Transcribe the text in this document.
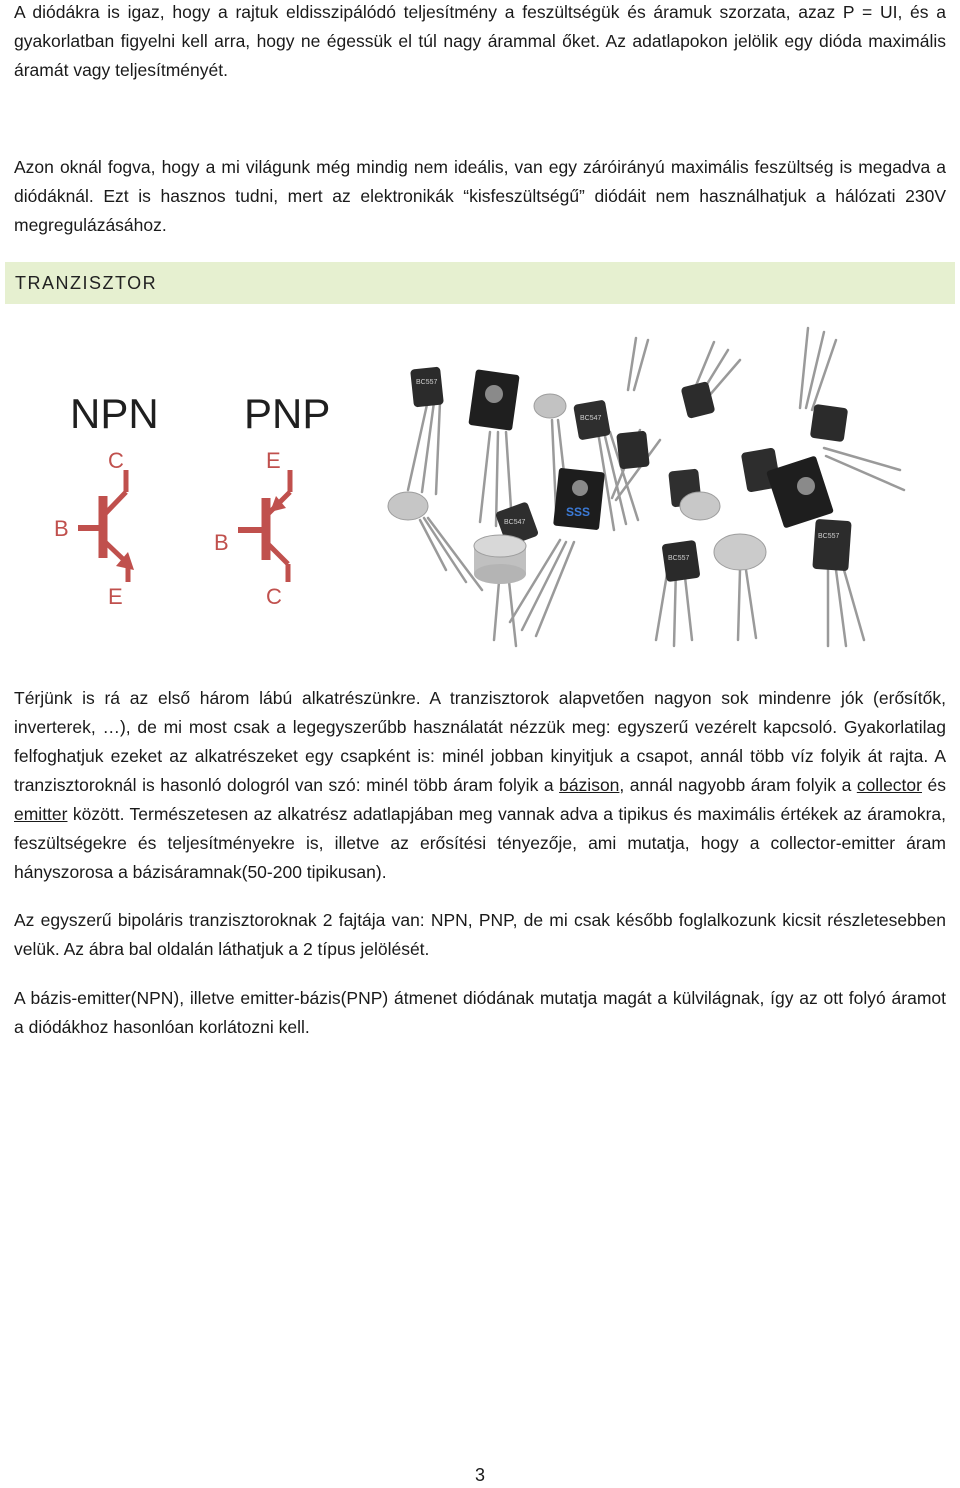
A diódákra is igaz, hogy a rajtuk eldisszipálódó teljesítmény a feszültségük és áramuk szorzata, azaz P = UI, és a gyakorlatban figyelni kell arra, hogy ne égessük el túl nagy árammal őket. Az adatlapokon jelölik egy dióda maximális áramát vagy teljesítményét.

Azon oknál fogva, hogy a mi világunk még mindig nem ideális, van egy záróirányú maximális feszültség is megadva a diódáknál. Ezt is hasznos tudni, mert az elektronikák “kisfeszültségű” diódáit nem használhatjuk a hálózati 230V megregulázásához.

TRANZISZTOR
NPN
C
B
E
PNP
E
B
C
BC557
BC547
BC557
BC557
BC547
SSS

Térjünk is rá az első három lábú alkatrészünkre. A tranzisztorok alapvetően nagyon sok mindenre jók (erősítők, inverterek, …), de mi most csak a legegyszerűbb használatát nézzük meg: egyszerű vezérelt kapcsoló. Gyakorlatilag felfoghatjuk ezeket az alkatrészeket egy csapként is: minél jobban kinyitjuk a csapot, annál több víz folyik át rajta. A tranzisztoroknál is hasonló dologról van szó: minél több áram folyik a bázison, annál nagyobb áram folyik a collector és emitter között. Természetesen az alkatrész adatlapjában meg vannak adva a tipikus és maximális értékek az áramokra, feszültségekre és teljesítményekre is, illetve az erősítési tényezője, ami mutatja, hogy a collector-emitter áram hányszorosa a bázisáramnak(50-200 tipikusan).

Az egyszerű bipoláris tranzisztoroknak 2 fajtája van: NPN, PNP, de mi csak később foglalkozunk kicsit részletesebben velük. Az ábra bal oldalán láthatjuk a 2 típus jelölését.

A bázis-emitter(NPN), illetve emitter-bázis(PNP) átmenet diódának mutatja magát a külvilágnak, így az ott folyó áramot a diódákhoz hasonlóan korlátozni kell.

3
